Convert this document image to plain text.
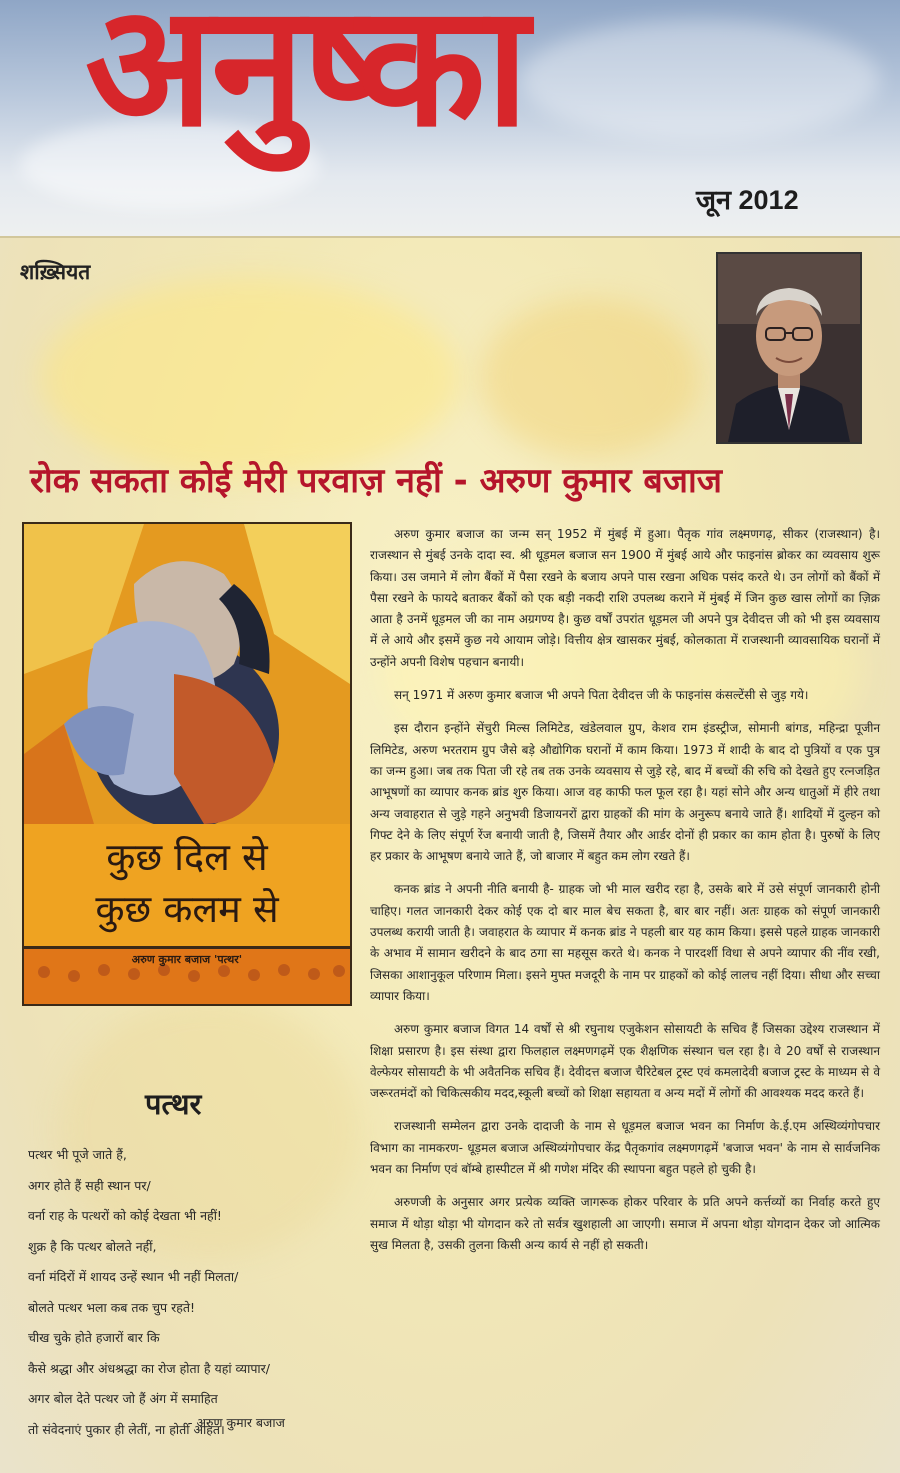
अनुष्का
जून 2012
शख़्सियत
रोक सकता कोई मेरी परवाज़ नहीं - अरुण कुमार बजाज
कुछ दिल से
कुछ कलम से
अरुण कुमार बजाज 'पत्थर'
पत्थर
पत्थर भी पूजे जाते हैं,
अगर होते हैं सही स्थान पर/
वर्ना राह के पत्थरों को कोई देखता भी नहीं!
शुक्र है कि पत्थर बोलते नहीं,
वर्ना मंदिरों में शायद उन्हें स्थान भी नहीं मिलता/
बोलते पत्थर भला कब तक चुप रहते!
चीख चुके होते हजारों बार कि
कैसे श्रद्धा और अंधश्रद्धा का रोज होता है यहां व्यापार/
अगर बोल देते पत्थर जो हैं अंग में समाहित
तो संवेदनाएं पुकार ही लेतीं, ना होतीं आहत।
- अरुण कुमार बजाज

अरुण कुमार बजाज का जन्म सन् 1952 में मुंबई में हुआ। पैतृक गांव लक्ष्मणगढ़, सीकर (राजस्थान) है। राजस्थान से मुंबई उनके दादा स्व. श्री धूड़मल बजाज सन 1900 में मुंबई आये और फाइनांस ब्रोकर का व्यवसाय शुरू किया। उस जमाने में लोग बैंकों में पैसा रखने के बजाय अपने पास रखना अधिक पसंद करते थे। उन लोगों को बैंकों में पैसा रखने के फायदे बताकर बैंकों को एक बड़ी नकदी राशि उपलब्ध कराने में मुंबई में जिन कुछ खास लोगों का ज़िक्र आता है उनमें धूड़मल जी का नाम अग्रगण्य है। कुछ वर्षों उपरांत धूड़मल जी अपने पुत्र देवीदत्त जी को भी इस व्यवसाय में ले आये और इसमें कुछ नये आयाम जोड़े। वित्तीय क्षेत्र खासकर मुंबई, कोलकाता में राजस्थानी व्यावसायिक घरानों में उन्होंने अपनी विशेष पहचान बनायी।

सन् 1971 में अरुण कुमार बजाज भी अपने पिता देवीदत्त जी के फाइनांस कंसल्टेंसी से जुड़ गये।

इस दौरान इन्होंने सेंचुरी मिल्स लिमिटेड, खंडेलवाल ग्रुप, केशव राम इंडस्ट्रीज, सोमानी बांगड, महिन्द्रा पूजीन लिमिटेड, अरुण भरतराम ग्रुप जैसे बड़े औद्योगिक घरानों में काम किया। 1973 में शादी के बाद दो पुत्रियों व एक पुत्र का जन्म हुआ। जब तक पिता जी रहे तब तक उनके व्यवसाय से जुड़े रहे, बाद में बच्चों की रुचि को देखते हुए रत्नजड़ित आभूषणों का व्यापार कनक ब्रांड शुरु किया। आज वह काफी फल फूल रहा है। यहां सोने और अन्य धातुओं में हीरे तथा अन्य जवाहरात से जुड़े गहने अनुभवी डिजायनरों द्वारा ग्राहकों की मांग के अनुरूप बनाये जाते हैं। शादियों में दुल्हन को गिफ्ट देने के लिए संपूर्ण रेंज बनायी जाती है, जिसमें तैयार और आर्डर दोनों ही प्रकार का काम होता है। पुरुषों के लिए हर प्रकार के आभूषण बनाये जाते हैं, जो बाजार में बहुत कम लोग रखते हैं।

कनक ब्रांड ने अपनी नीति बनायी है- ग्राहक जो भी माल खरीद रहा है, उसके बारे में उसे संपूर्ण जानकारी होनी चाहिए। गलत जानकारी देकर कोई एक दो बार माल बेच सकता है, बार बार नहीं। अतः ग्राहक को संपूर्ण जानकारी उपलब्ध करायी जाती है। जवाहरात के व्यापार में कनक ब्रांड ने पहली बार यह काम किया। इससे पहले ग्राहक जानकारी के अभाव में सामान खरीदने के बाद ठगा सा महसूस करते थे। कनक ने पारदर्शी विधा से अपने व्यापार की नींव रखी, जिसका आशानुकूल परिणाम मिला। इसने मुफ्त मजदूरी के नाम पर ग्राहकों को कोई लालच नहीं दिया। सीधा और सच्चा व्यापार किया।

अरुण कुमार बजाज विगत 14 वर्षों से श्री रघुनाथ एजुकेशन सोसायटी के सचिव हैं जिसका उद्देश्य राजस्थान में शिक्षा प्रसारण है। इस संस्था द्वारा फिलहाल लक्ष्मणगढ़में एक शैक्षणिक संस्थान चल रहा है। वे 20 वर्षों से राजस्थान वेल्फेयर सोसायटी के भी अवैतनिक सचिव हैं। देवीदत्त बजाज चैरिटेबल ट्रस्ट एवं कमलादेवी बजाज ट्रस्ट के माध्यम से वे जरूरतमंदों को चिकित्सकीय मदद,स्कूली बच्चों को शिक्षा सहायता व अन्य मदों में लोगों की आवश्यक मदद करते हैं।

राजस्थानी सम्मेलन द्वारा उनके दादाजी के नाम से धूड़मल बजाज भवन का निर्माण के.ई.एम अस्थिव्यंगोपचार विभाग का नामकरण- धूड़मल बजाज अस्थिव्यंगोपचार केंद्र पैतृकगांव लक्ष्मणगढ़में 'बजाज भवन' के नाम से सार्वजनिक भवन का निर्माण एवं बॉम्बे हास्पीटल में श्री गणेश मंदिर की स्थापना बहुत पहले हो चुकी है।

अरुणजी के अनुसार अगर प्रत्येक व्यक्ति जागरूक होकर परिवार के प्रति अपने कर्त्तव्यों का निर्वाह करते हुए समाज में थोड़ा थोड़ा भी योगदान करे तो सर्वत्र खुशहाली आ जाएगी। समाज में अपना थोड़ा योगदान देकर जो आत्मिक सुख मिलता है, उसकी तुलना किसी अन्य कार्य से नहीं हो सकती।
